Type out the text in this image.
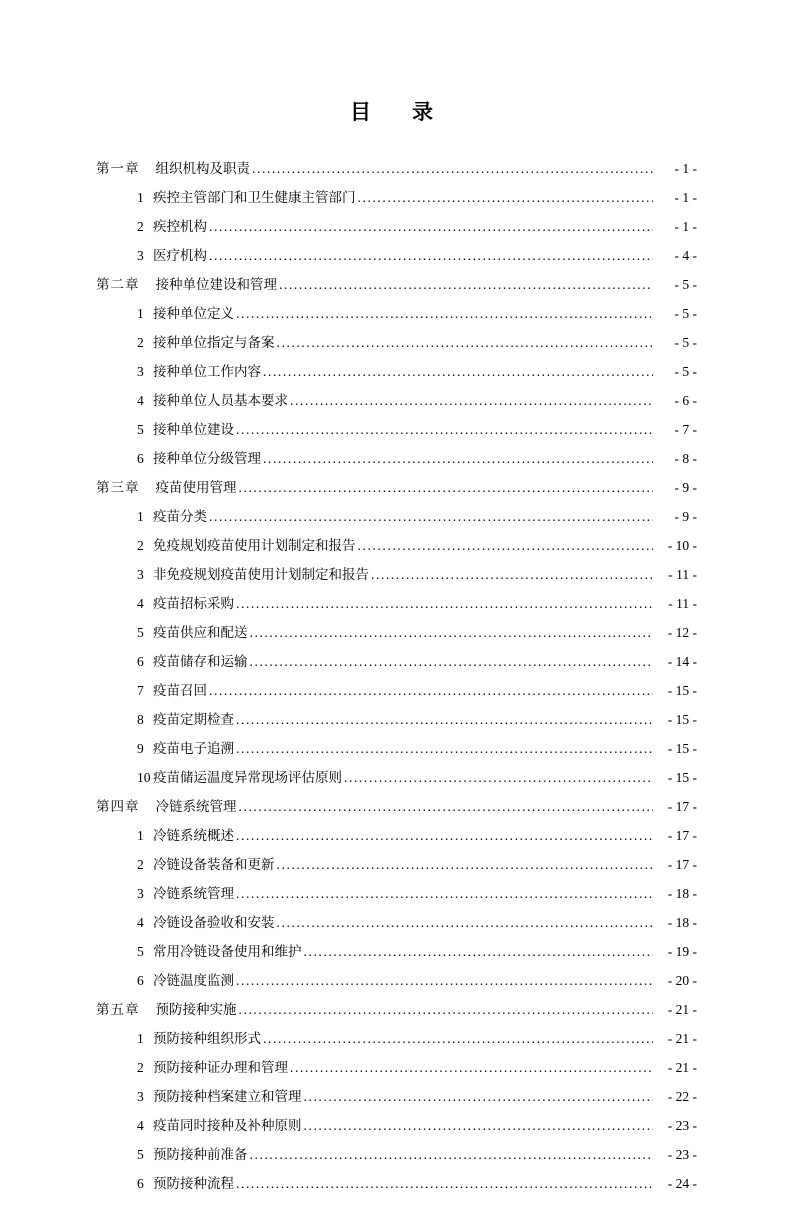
目　录
第一章 组织机构及职责 .....	- 1 -
1 疾控主管部门和卫生健康主管部门 .....	- 1 -
2 疾控机构 .....	- 1 -
3 医疗机构 .....	- 4 -
第二章 接种单位建设和管理 .....	- 5 -
1 接种单位定义 .....	- 5 -
2 接种单位指定与备案 .....	- 5 -
3 接种单位工作内容 .....	- 5 -
4 接种单位人员基本要求 .....	- 6 -
5 接种单位建设 .....	- 7 -
6 接种单位分级管理 .....	- 8 -
第三章 疫苗使用管理 .....	- 9 -
1 疫苗分类 .....	- 9 -
2 免疫规划疫苗使用计划制定和报告 .....	- 10 -
3 非免疫规划疫苗使用计划制定和报告 .....	- 11 -
4 疫苗招标采购 .....	- 11 -
5 疫苗供应和配送 .....	- 12 -
6 疫苗储存和运输 .....	- 14 -
7 疫苗召回 .....	- 15 -
8 疫苗定期检查 .....	- 15 -
9 疫苗电子追溯 .....	- 15 -
10 疫苗储运温度异常现场评估原则 .....	- 15 -
第四章 冷链系统管理 .....	- 17 -
1 冷链系统概述 .....	- 17 -
2 冷链设备装备和更新 .....	- 17 -
3 冷链系统管理 .....	- 18 -
4 冷链设备验收和安装 .....	- 18 -
5 常用冷链设备使用和维护 .....	- 19 -
6 冷链温度监测 .....	- 20 -
第五章 预防接种实施 .....	- 21 -
1 预防接种组织形式 .....	- 21 -
2 预防接种证办理和管理 .....	- 21 -
3 预防接种档案建立和管理 .....	- 22 -
4 疫苗同时接种及补种原则 .....	- 23 -
5 预防接种前准备 .....	- 23 -
6 预防接种流程 .....	- 24 -
